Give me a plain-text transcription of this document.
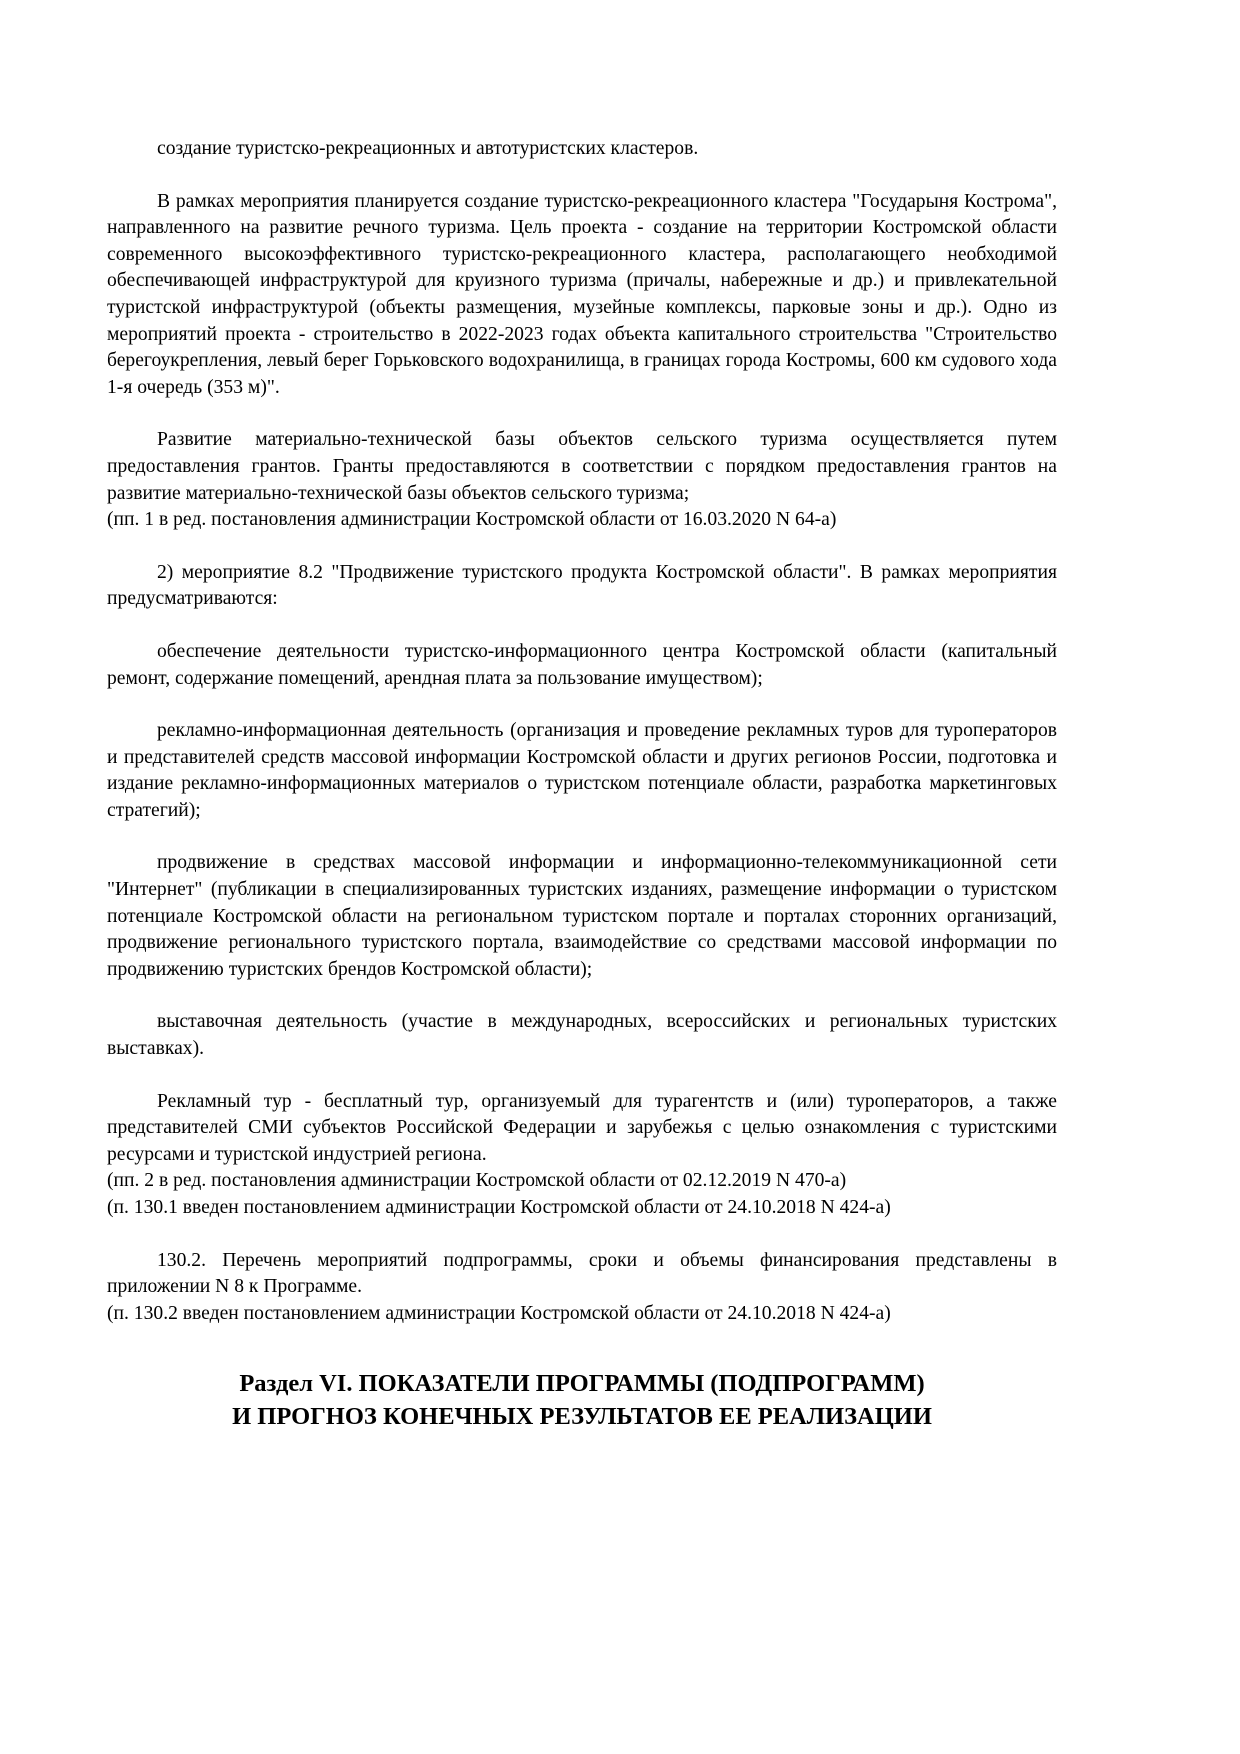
создание туристско-рекреационных и автотуристских кластеров.

В рамках мероприятия планируется создание туристско-рекреационного кластера "Государыня Кострома", направленного на развитие речного туризма. Цель проекта - создание на территории Костромской области современного высокоэффективного туристско-рекреационного кластера, располагающего необходимой обеспечивающей инфраструктурой для круизного туризма (причалы, набережные и др.) и привлекательной туристской инфраструктурой (объекты размещения, музейные комплексы, парковые зоны и др.). Одно из мероприятий проекта - строительство в 2022-2023 годах объекта капитального строительства "Строительство берегоукрепления, левый берег Горьковского водохранилища, в границах города Костромы, 600 км судового хода 1-я очередь (353 м)".

Развитие материально-технической базы объектов сельского туризма осуществляется путем предоставления грантов. Гранты предоставляются в соответствии с порядком предоставления грантов на развитие материально-технической базы объектов сельского туризма;

(пп. 1 в ред. постановления администрации Костромской области от 16.03.2020 N 64-а)

2) мероприятие 8.2 "Продвижение туристского продукта Костромской области". В рамках мероприятия предусматриваются:

обеспечение деятельности туристско-информационного центра Костромской области (капитальный ремонт, содержание помещений, арендная плата за пользование имуществом);

рекламно-информационная деятельность (организация и проведение рекламных туров для туроператоров и представителей средств массовой информации Костромской области и других регионов России, подготовка и издание рекламно-информационных материалов о туристском потенциале области, разработка маркетинговых стратегий);

продвижение в средствах массовой информации и информационно-телекоммуникационной сети "Интернет" (публикации в специализированных туристских изданиях, размещение информации о туристском потенциале Костромской области на региональном туристском портале и порталах сторонних организаций, продвижение регионального туристского портала, взаимодействие со средствами массовой информации по продвижению туристских брендов Костромской области);

выставочная деятельность (участие в международных, всероссийских и региональных туристских выставках).

Рекламный тур - бесплатный тур, организуемый для турагентств и (или) туроператоров, а также представителей СМИ субъектов Российской Федерации и зарубежья с целью ознакомления с туристскими ресурсами и туристской индустрией региона.

(пп. 2 в ред. постановления администрации Костромской области от 02.12.2019 N 470-а)

(п. 130.1 введен постановлением администрации Костромской области от 24.10.2018 N 424-а)

130.2. Перечень мероприятий подпрограммы, сроки и объемы финансирования представлены в приложении N 8 к Программе.

(п. 130.2 введен постановлением администрации Костромской области от 24.10.2018 N 424-а)

Раздел VI. ПОКАЗАТЕЛИ ПРОГРАММЫ (ПОДПРОГРАММ)
И ПРОГНОЗ КОНЕЧНЫХ РЕЗУЛЬТАТОВ ЕЕ РЕАЛИЗАЦИИ
